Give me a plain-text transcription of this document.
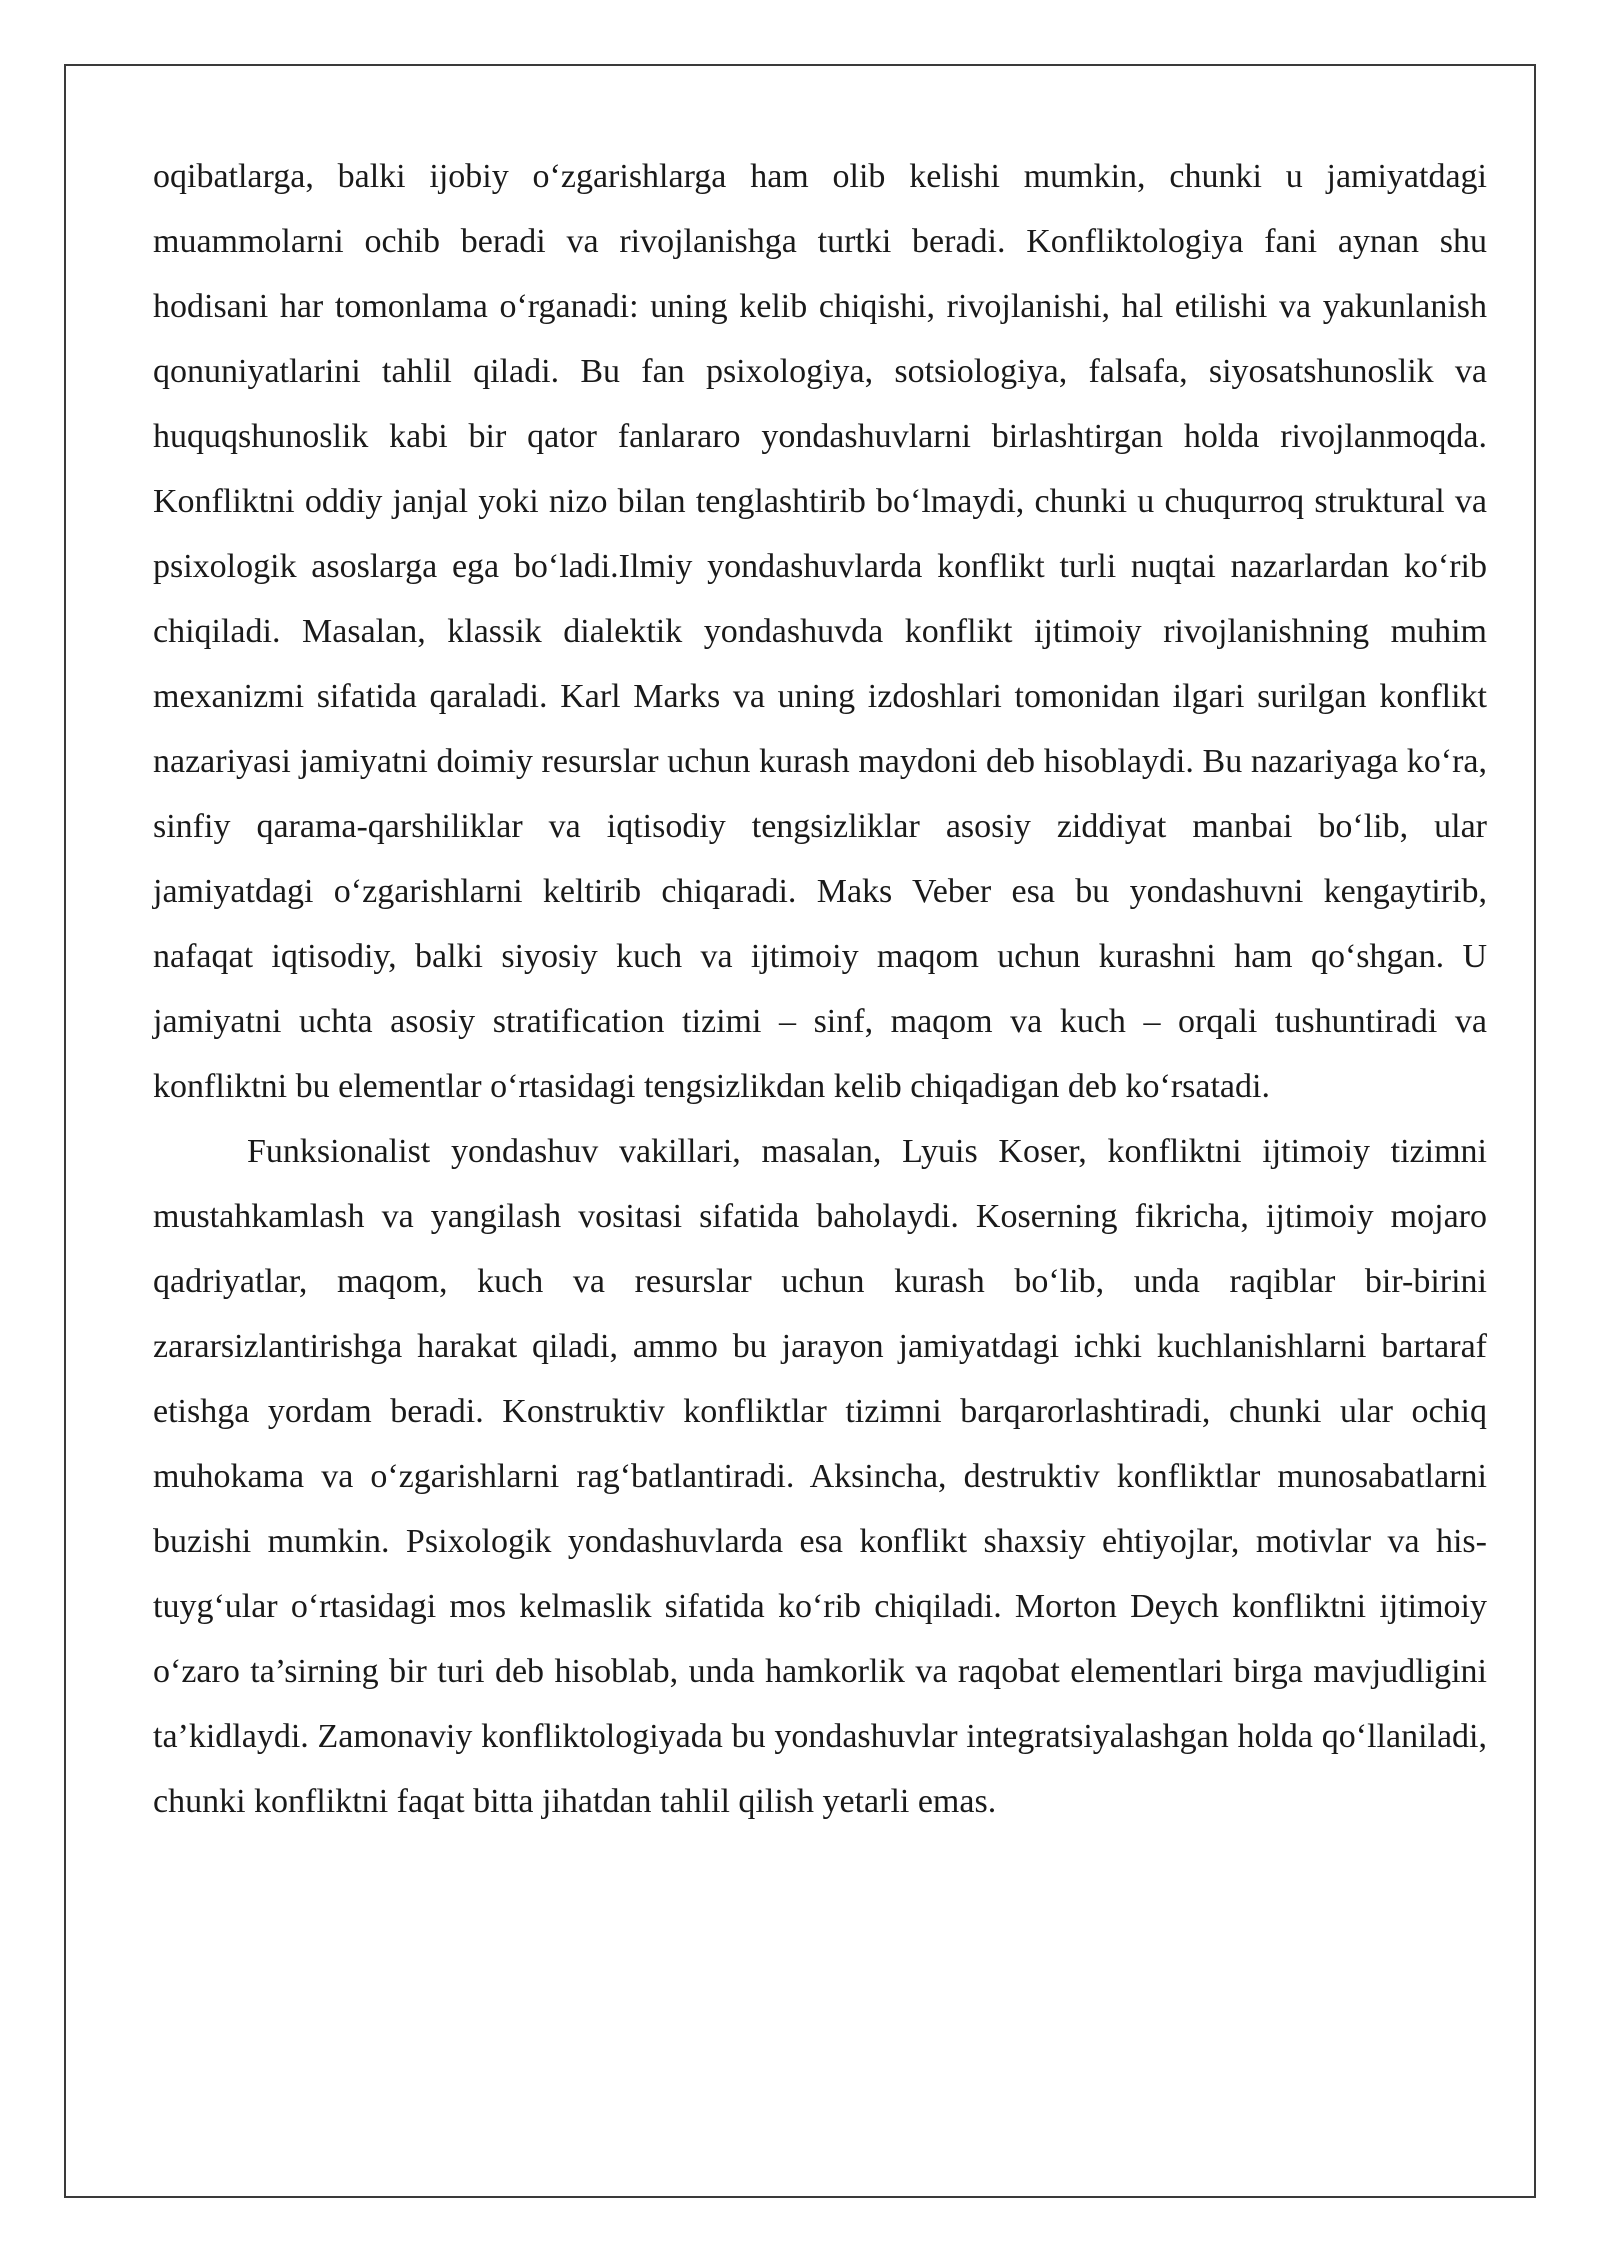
oqibatlarga, balki ijobiy o‘zgarishlarga ham olib kelishi mumkin, chunki u jamiyatdagi muammolarni ochib beradi va rivojlanishga turtki beradi. Konfliktologiya fani aynan shu hodisani har tomonlama o‘rganadi: uning kelib chiqishi, rivojlanishi, hal etilishi va yakunlanish qonuniyatlarini tahlil qiladi. Bu fan psixologiya, sotsiologiya, falsafa, siyosatshunoslik va huquqshunoslik kabi bir qator fanlararo yondashuvlarni birlashtirgan holda rivojlanmoqda. Konfliktni oddiy janjal yoki nizo bilan tenglashtirib bo‘lmaydi, chunki u chuqurroq struktural va psixologik asoslarga ega bo‘ladi.Ilmiy yondashuvlarda konflikt turli nuqtai nazarlardan ko‘rib chiqiladi. Masalan, klassik dialektik yondashuvda konflikt ijtimoiy rivojlanishning muhim mexanizmi sifatida qaraladi. Karl Marks va uning izdoshlari tomonidan ilgari surilgan konflikt nazariyasi jamiyatni doimiy resurslar uchun kurash maydoni deb hisoblaydi. Bu nazariyaga ko‘ra, sinfiy qarama-qarshiliklar va iqtisodiy tengsizliklar asosiy ziddiyat manbai bo‘lib, ular jamiyatdagi o‘zgarishlarni keltirib chiqaradi. Maks Veber esa bu yondashuvni kengaytirib, nafaqat iqtisodiy, balki siyosiy kuch va ijtimoiy maqom uchun kurashni ham qo‘shgan. U jamiyatni uchta asosiy stratification tizimi – sinf, maqom va kuch – orqali tushuntiradi va konfliktni bu elementlar o‘rtasidagi tengsizlikdan kelib chiqadigan deb ko‘rsatadi.

Funksionalist yondashuv vakillari, masalan, Lyuis Koser, konfliktni ijtimoiy tizimni mustahkamlash va yangilash vositasi sifatida baholaydi. Koserning fikricha, ijtimoiy mojaro qadriyatlar, maqom, kuch va resurslar uchun kurash bo‘lib, unda raqiblar bir-birini zararsizlantirishga harakat qiladi, ammo bu jarayon jamiyatdagi ichki kuchlanishlarni bartaraf etishga yordam beradi. Konstruktiv konfliktlar tizimni barqarorlashtiradi, chunki ular ochiq muhokama va o‘zgarishlarni rag‘batlantiradi. Aksincha, destruktiv konfliktlar munosabatlarni buzishi mumkin. Psixologik yondashuvlarda esa konflikt shaxsiy ehtiyojlar, motivlar va his-tuyg‘ular o‘rtasidagi mos kelmaslik sifatida ko‘rib chiqiladi. Morton Deych konfliktni ijtimoiy o‘zaro ta’sirning bir turi deb hisoblab, unda hamkorlik va raqobat elementlari birga mavjudligini ta’kidlaydi. Zamonaviy konfliktologiyada bu yondashuvlar integratsiyalashgan holda qo‘llaniladi, chunki konfliktni faqat bitta jihatdan tahlil qilish yetarli emas.
